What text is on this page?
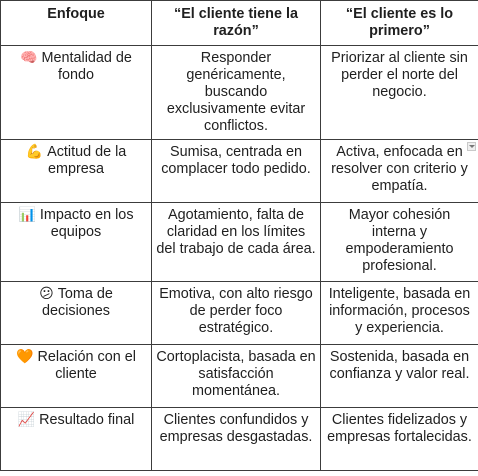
Enfoque	“El cliente tiene la razón”	“El cliente es lo primero”
🧠 Mentalidad de fondo	Responder genéricamente, buscando exclusivamente evitar conflictos.	Priorizar al cliente sin perder el norte del negocio.
💪 Actitud de la empresa	Sumisa, centrada en complacer todo pedido.	Activa, enfocada en resolver con criterio y empatía.

📊 Impacto en los equipos	Agotamiento, falta de claridad en los límites del trabajo de cada área.	Mayor cohesión interna y empoderamiento profesional.
😕 Toma de decisiones	Emotiva, con alto riesgo de perder foco estratégico.	Inteligente, basada en información, procesos y experiencia.
🧡 Relación con el cliente	Cortoplacista, basada en satisfacción momentánea.	Sostenida, basada en confianza y valor real.
📈 Resultado final	Clientes confundidos y empresas desgastadas.	Clientes fidelizados y empresas fortalecidas.
